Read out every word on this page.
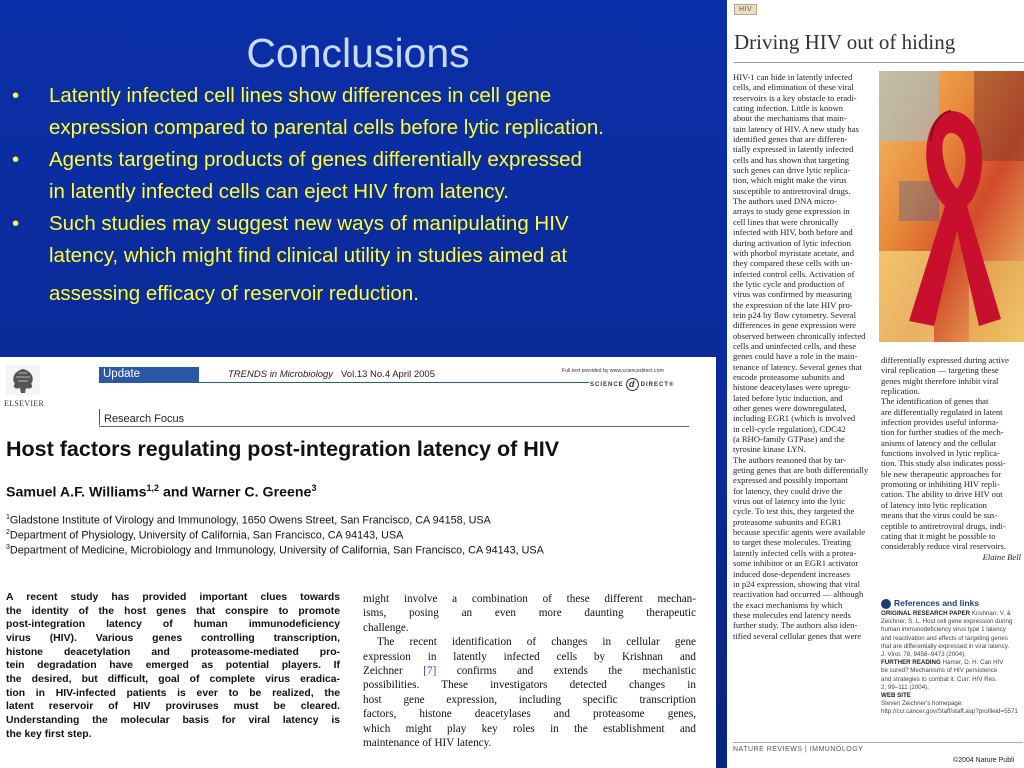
Conclusions
• Latently infected cell lines show differences in cell gene
expression compared to parental cells before lytic replication.
• Agents targeting products of genes differentially expressed
in latently infected cells can eject HIV from latency.
• Such studies may suggest new ways of manipulating HIV
latency, which might find clinical utility in studies aimed at
assessing efficacy of reservoir reduction.
HIV
Driving HIV out of hiding
HIV-1 can hide in latently infected
cells, and elimination of these viral
reservoirs is a key obstacle to eradi-
cating infection. Little is known
about the mechanisms that main-
tain latency of HIV. A new study has
identified genes that are differen-
tially expressed in latently infected
cells and has shown that targeting
such genes can drive lytic replica-
tion, which might make the virus
susceptible to antiretroviral drugs.
The authors used DNA micro-
arrays to study gene expression in
cell lines that were chronically
infected with HIV, both before and
during activation of lytic infection
with phorbol myristate acetate, and
they compared these cells with un-
infected control cells. Activation of
the lytic cycle and production of
virus was confirmed by measuring
the expression of the late HIV pro-
tein p24 by flow cytometry. Several
differences in gene expression were
observed between chronically infected
cells and uninfected cells, and these
genes could have a role in the main-
tenance of latency. Several genes that
encode proteasome subunits and
histone deacetylases were upregu-
lated before lytic induction, and
other genes were downregulated,
including EGR1 (which is involved
in cell-cycle regulation), CDC42
(a RHO-family GTPase) and the
tyrosine kinase LYN.
The authors reasoned that by tar-
geting genes that are both differentially
expressed and possibly important
for latency, they could drive the
virus out of latency into the lytic
cycle. To test this, they targeted the
proteasome subunits and EGR1
because specific agents were available
to target these molecules. Treating
latently infected cells with a protea-
some inhibitor or an EGR1 activator
induced dose-dependent increases
in p24 expression, showing that viral
reactivation had occurred — although
the exact mechanisms by which
these molecules end latency needs
further study. The authors also iden-
tified several cellular genes that were
differentially expressed during active
viral replication — targeting these
genes might therefore inhibit viral
replication.
The identification of genes that
are differentially regulated in latent
infection provides useful informa-
tion for further studies of the mech-
anisms of latency and the cellular
functions involved in lytic replica-
tion. This study also indicates possi-
ble new therapeutic approaches for
promoting or inhibiting HIV repli-
cation. The ability to drive HIV out
of latency into lytic replication
means that the virus could be sus-
ceptible to antiretroviral drugs, indi-
cating that it might be possible to
considerably reduce viral reservoirs.
Elaine Bell
References and links
ORIGINAL RESEARCH PAPER Krishnan, V. &
Zeichner, S. L. Host cell gene expression during
human immunodeficiency virus type 1 latency
and reactivation and effects of targeting genes
that are differentially expressed in viral latency.
J. Virol. 78, 9458–9473 (2004).
FURTHER READING Hamer, D. H. Can HIV
be cured? Mechanisms of HIV persistence
and strategies to combat it. Curr. HIV Res.
2, 99–111 (2004).
WEB SITE
Steven Zeichner's homepage:
http://ccr.cancer.gov/Staff/staff.asp?profileid=5571
NATURE REVIEWS | IMMUNOLOGY
©2004 Nature Publi
ELSEVIER
Update	TRENDS in Microbiology Vol.13 No.4 April 2005	Full text provided by www.sciencedirect.com
SCIENCE d DIRECT®
Research Focus
Host factors regulating post-integration latency of HIV
Samuel A.F. Williams$^{1,2}$ and Warner C. Greene$^3$
$^1$Gladstone Institute of Virology and Immunology, 1650 Owens Street, San Francisco, CA 94158, USA
$^2$Department of Physiology, University of California, San Francisco, CA 94143, USA
$^3$Department of Medicine, Microbiology and Immunology, University of California, San Francisco, CA 94143, USA
A recent study has provided important clues towards
the identity of the host genes that conspire to promote
post-integration latency of human immunodeficiency
virus (HIV). Various genes controlling transcription,
histone deacetylation and proteasome-mediated pro-
tein degradation have emerged as potential players. If
the desired, but difficult, goal of complete virus eradica-
tion in HIV-infected patients is ever to be realized, the
latent reservoir of HIV proviruses must be cleared.
Understanding the molecular basis for viral latency is
the key first step.
might involve a combination of these different mechan-
isms, posing an even more daunting therapeutic
challenge.
The recent identification of changes in cellular gene
expression in latently infected cells by Krishnan and
Zeichner [7] confirms and extends the mechanistic
possibilities. These investigators detected changes in
host gene expression, including specific transcription
factors, histone deacetylases and proteasome genes,
which might play key roles in the establishment and
maintenance of HIV latency.
